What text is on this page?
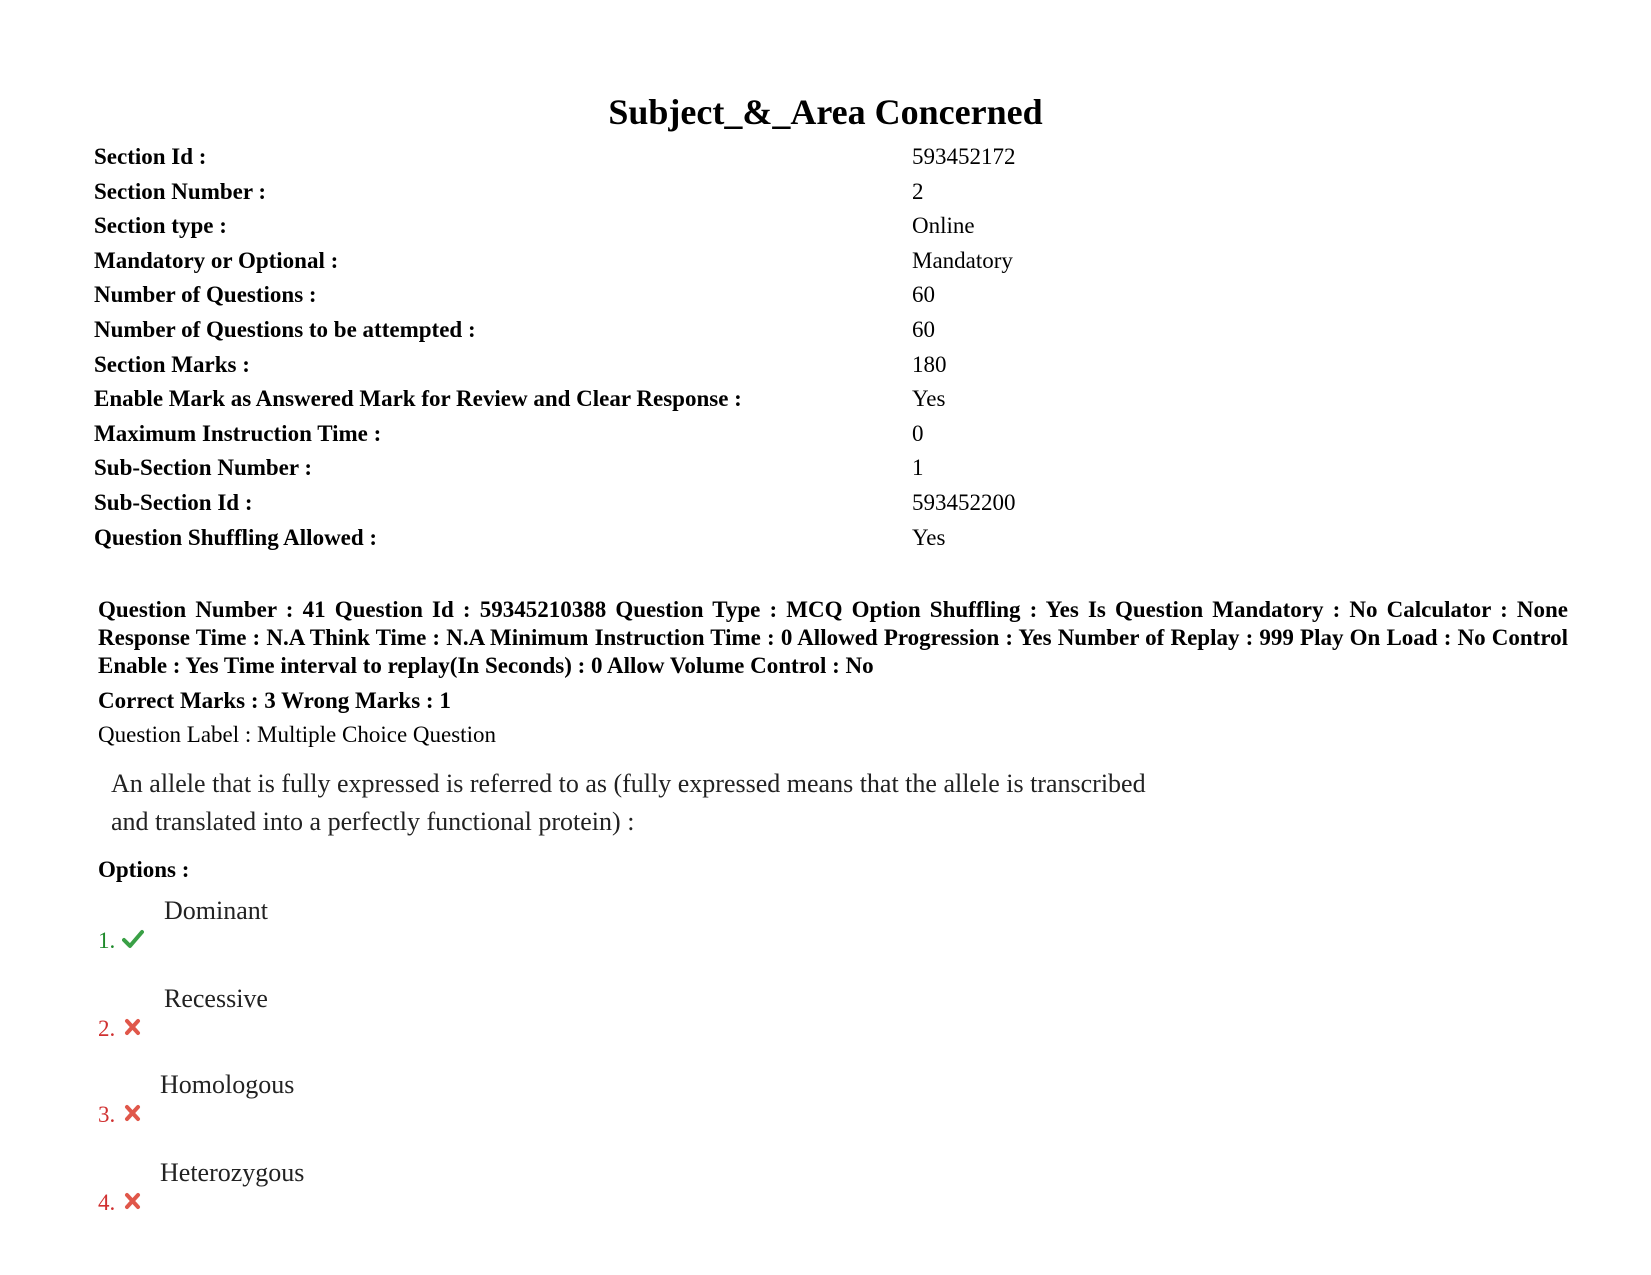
Subject_&_Area Concerned
Section Id :	593452172
Section Number :	2
Section type :	Online
Mandatory or Optional :	Mandatory
Number of Questions :	60
Number of Questions to be attempted :	60
Section Marks :	180
Enable Mark as Answered Mark for Review and Clear Response :	Yes
Maximum Instruction Time :	0
Sub-Section Number :	1
Sub-Section Id :	593452200
Question Shuffling Allowed :	Yes
Question Number : 41 Question Id : 59345210388 Question Type : MCQ Option Shuffling : Yes Is Question Mandatory : No Calculator : None Response Time : N.A Think Time : N.A Minimum Instruction Time : 0 Allowed Progression : Yes Number of Replay : 999 Play On Load : No Control Enable : Yes Time interval to replay(In Seconds) : 0 Allow Volume Control : No
Correct Marks : 3 Wrong Marks : 1
Question Label : Multiple Choice Question
An allele that is fully expressed is referred to as (fully expressed means that the allele is transcribed and translated into a perfectly functional protein) :
Options :
1.
Dominant
2.
Recessive
3.
Homologous
4.
Heterozygous
